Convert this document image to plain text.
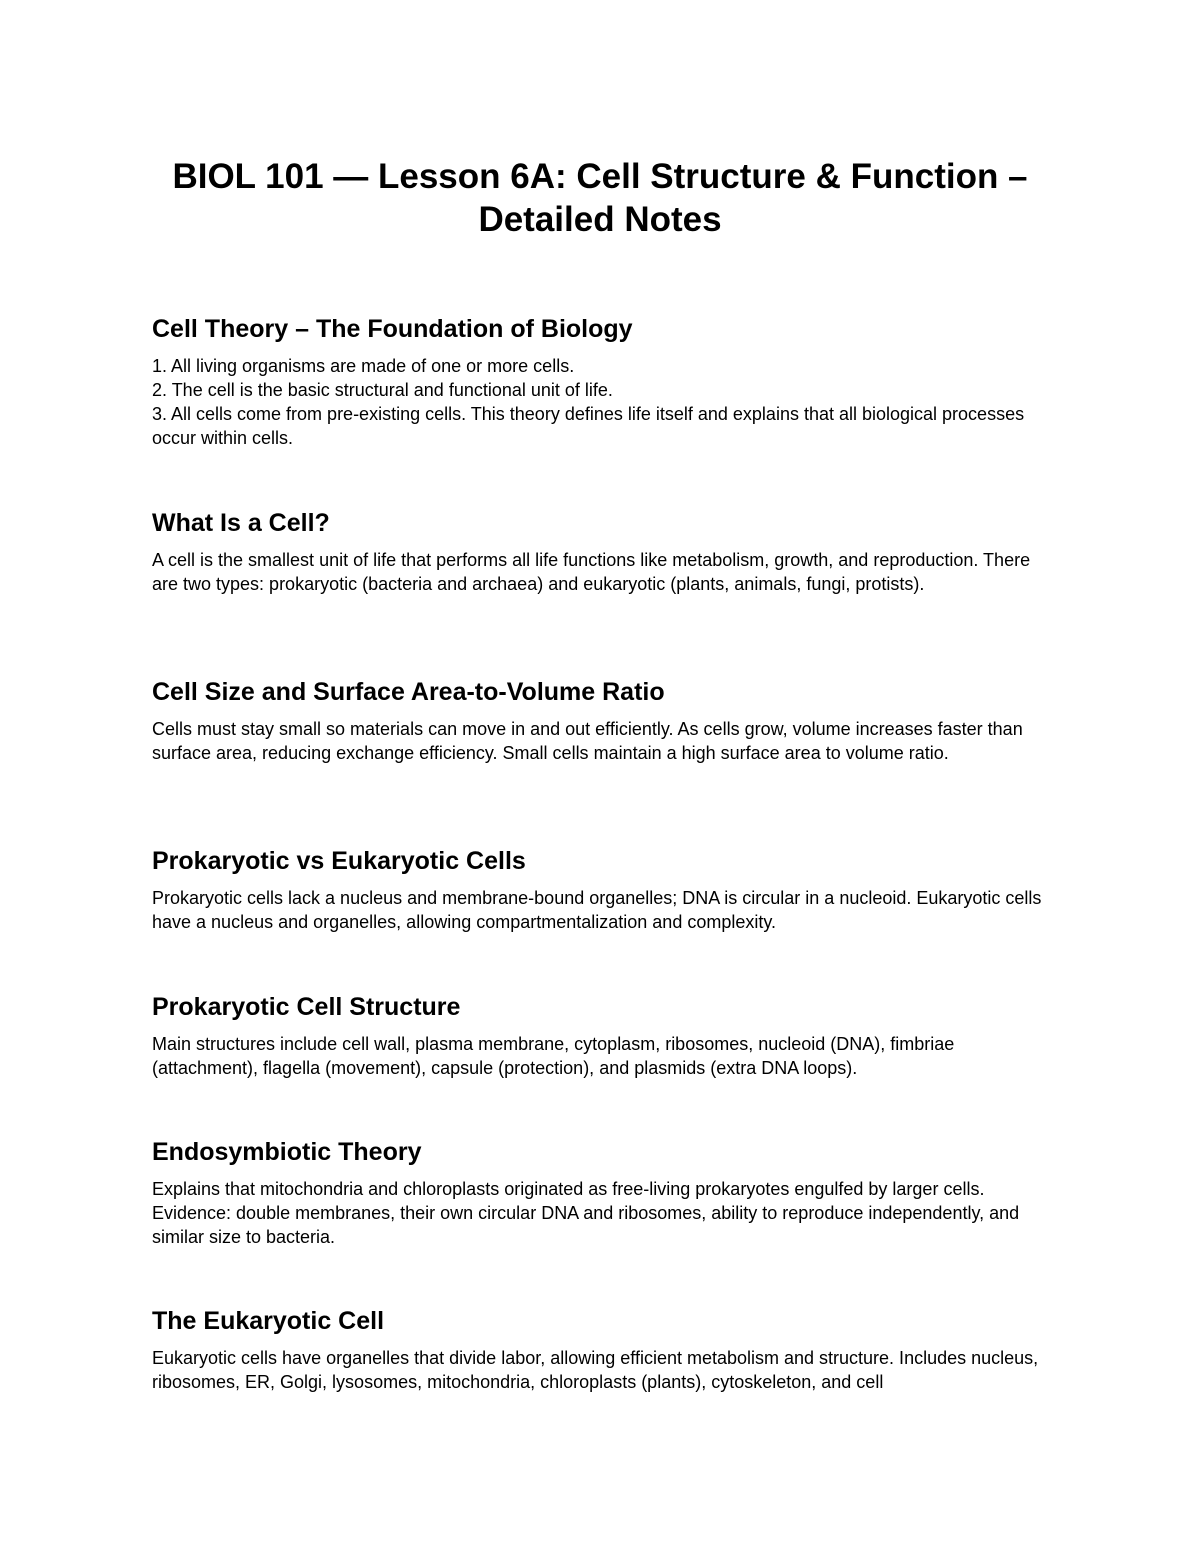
BIOL 101 — Lesson 6A: Cell Structure & Function – Detailed Notes
Cell Theory – The Foundation of Biology

1. All living organisms are made of one or more cells.

2. The cell is the basic structural and functional unit of life.

3. All cells come from pre-existing cells. This theory defines life itself and explains that all biological processes occur within cells.

What Is a Cell?

A cell is the smallest unit of life that performs all life functions like metabolism, growth, and reproduction. There are two types: prokaryotic (bacteria and archaea) and eukaryotic (plants, animals, fungi, protists).

Cell Size and Surface Area-to-Volume Ratio

Cells must stay small so materials can move in and out efficiently. As cells grow, volume increases faster than surface area, reducing exchange efficiency. Small cells maintain a high surface area to volume ratio.

Prokaryotic vs Eukaryotic Cells

Prokaryotic cells lack a nucleus and membrane-bound organelles; DNA is circular in a nucleoid. Eukaryotic cells have a nucleus and organelles, allowing compartmentalization and complexity.

Prokaryotic Cell Structure

Main structures include cell wall, plasma membrane, cytoplasm, ribosomes, nucleoid (DNA), fimbriae (attachment), flagella (movement), capsule (protection), and plasmids (extra DNA loops).

Endosymbiotic Theory

Explains that mitochondria and chloroplasts originated as free-living prokaryotes engulfed by larger cells. Evidence: double membranes, their own circular DNA and ribosomes, ability to reproduce independently, and similar size to bacteria.

The Eukaryotic Cell

Eukaryotic cells have organelles that divide labor, allowing efficient metabolism and structure. Includes nucleus, ribosomes, ER, Golgi, lysosomes, mitochondria, chloroplasts (plants), cytoskeleton, and cell
